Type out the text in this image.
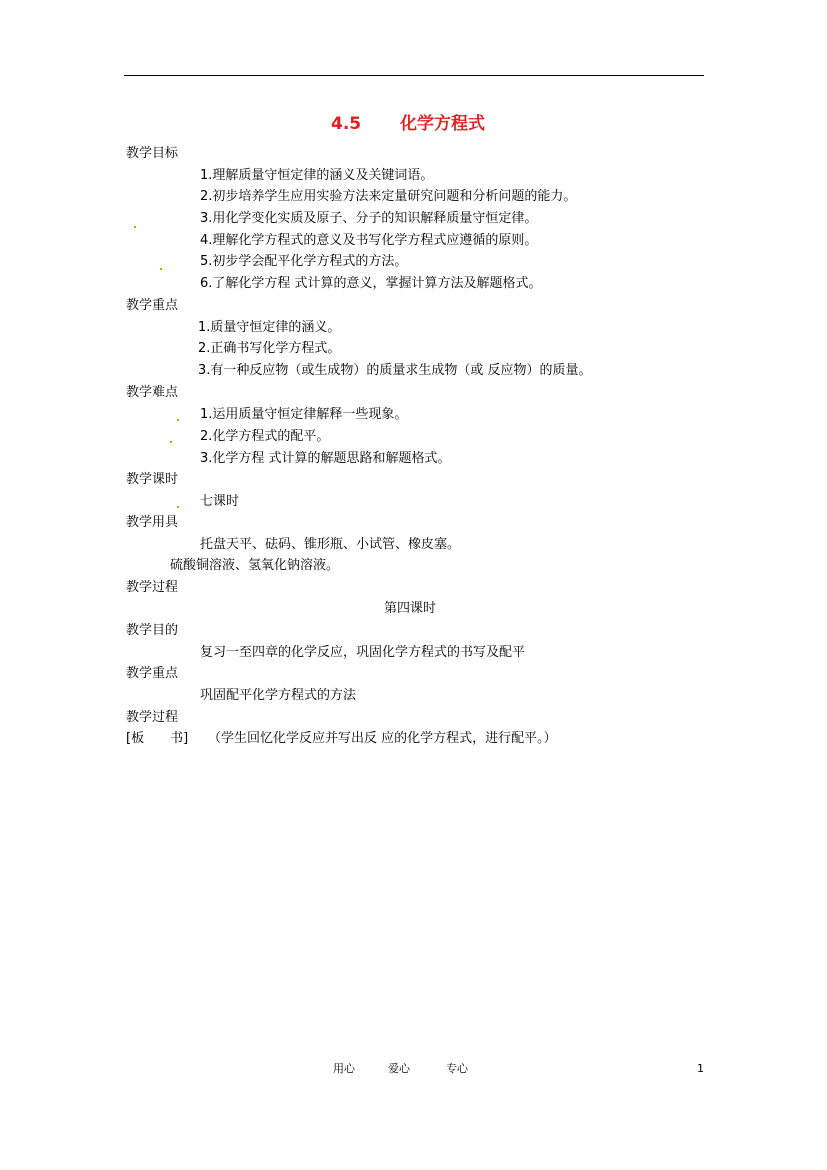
4.5 化学方程式
教学目标
1.理解质量守恒定律的涵义及关键词语。
2.初步培养学生应用实验方法来定量研究问题和分析问题的能力。
3.用化学变化实质及原子、分子的知识解释质量守恒定律。
4.理解化学方程式的意义及书写化学方程式应遵循的原则。
5.初步学会配平化学方程式的方法。
6.了解化学方程 式计算的意义，掌握计算方法及解题格式。
教学重点
1.质量守恒定律的涵义。
2.正确书写化学方程式。
3.有一种反应物（或生成物）的质量求生成物（或 反应物）的质量。
教学难点
1.运用质量守恒定律解释一些现象。
2.化学方程式的配平。
3.化学方程 式计算的解题思路和解题格式。
教学课时
七课时
教学用具
托盘天平、砝码、锥形瓶、小试管、橡皮塞。
硫酸铜溶液、氢氧化钠溶液。
教学过程
第四课时
教学目的
复习一至四章的化学反应，巩固化学方程式的书写及配平
教学重点
巩固配平化学方程式的方法
教学过程
[板　　书] （学生回忆化学反应并写出反 应的化学方程式，进行配平。）
用心	爱心	专心	1
